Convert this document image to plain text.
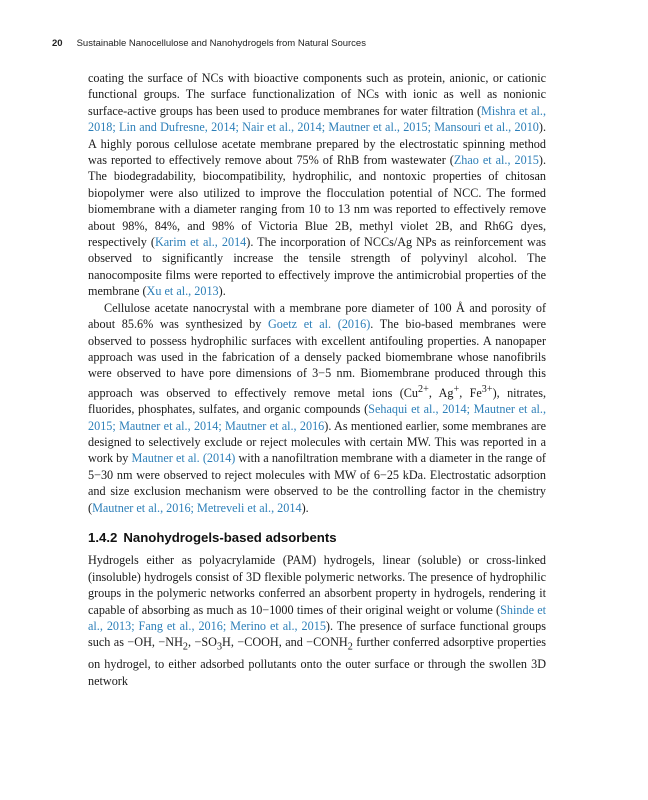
20 Sustainable Nanocellulose and Nanohydrogels from Natural Sources

coating the surface of NCs with bioactive components such as protein, anionic, or cationic functional groups. The surface functionalization of NCs with ionic as well as nonionic surface-active groups has been used to produce membranes for water filtration (Mishra et al., 2018; Lin and Dufresne, 2014; Nair et al., 2014; Mautner et al., 2015; Mansouri et al., 2010). A highly porous cellulose acetate membrane prepared by the electrostatic spinning method was reported to effectively remove about 75% of RhB from wastewater (Zhao et al., 2015). The biodegradability, biocompatibility, hydrophilic, and nontoxic properties of chitosan biopolymer were also utilized to improve the flocculation potential of NCC. The formed biomembrane with a diameter ranging from 10 to 13 nm was reported to effectively remove about 98%, 84%, and 98% of Victoria Blue 2B, methyl violet 2B, and Rh6G dyes, respectively (Karim et al., 2014). The incorporation of NCCs/Ag NPs as reinforcement was observed to significantly increase the tensile strength of polyvinyl alcohol. The nanocomposite films were reported to effectively improve the antimicrobial properties of the membrane (Xu et al., 2013).

Cellulose acetate nanocrystal with a membrane pore diameter of 100 Å and porosity of about 85.6% was synthesized by Goetz et al. (2016). The bio-based membranes were observed to possess hydrophilic surfaces with excellent antifouling properties. A nanopaper approach was used in the fabrication of a densely packed biomembrane whose nanofibrils were observed to have pore dimensions of 3−5 nm. Biomembrane produced through this approach was observed to effectively remove metal ions ($Cu^{2+}$, Ag+, $Fe^{3+}$), nitrates, fluorides, phosphates, sulfates, and organic compounds (Sehaqui et al., 2014; Mautner et al., 2015; Mautner et al., 2014; Mautner et al., 2016). As mentioned earlier, some membranes are designed to selectively exclude or reject molecules with certain MW. This was reported in a work by Mautner et al. (2014) with a nanofiltration membrane with a diameter in the range of 5−30 nm were observed to reject molecules with MW of 6−25 kDa. Electrostatic adsorption and size exclusion mechanism were observed to be the controlling factor in the chemistry (Mautner et al., 2016; Metreveli et al., 2014).

1.4.2 Nanohydrogels-based adsorbents

Hydrogels either as polyacrylamide (PAM) hydrogels, linear (soluble) or cross-linked (insoluble) hydrogels consist of 3D flexible polymeric networks. The presence of hydrophilic groups in the polymeric networks conferred an absorbent property in hydrogels, rendering it capable of absorbing as much as 10−1000 times of their original weight or volume (Shinde et al., 2013; Fang et al., 2016; Merino et al., 2015). The presence of surface functional groups such as −OH, $-NH_2$, $-SO_3H$, −COOH, and $-CONH_2$ further conferred adsorptive properties on hydrogel, to either adsorbed pollutants onto the outer surface or through the swollen 3D network
